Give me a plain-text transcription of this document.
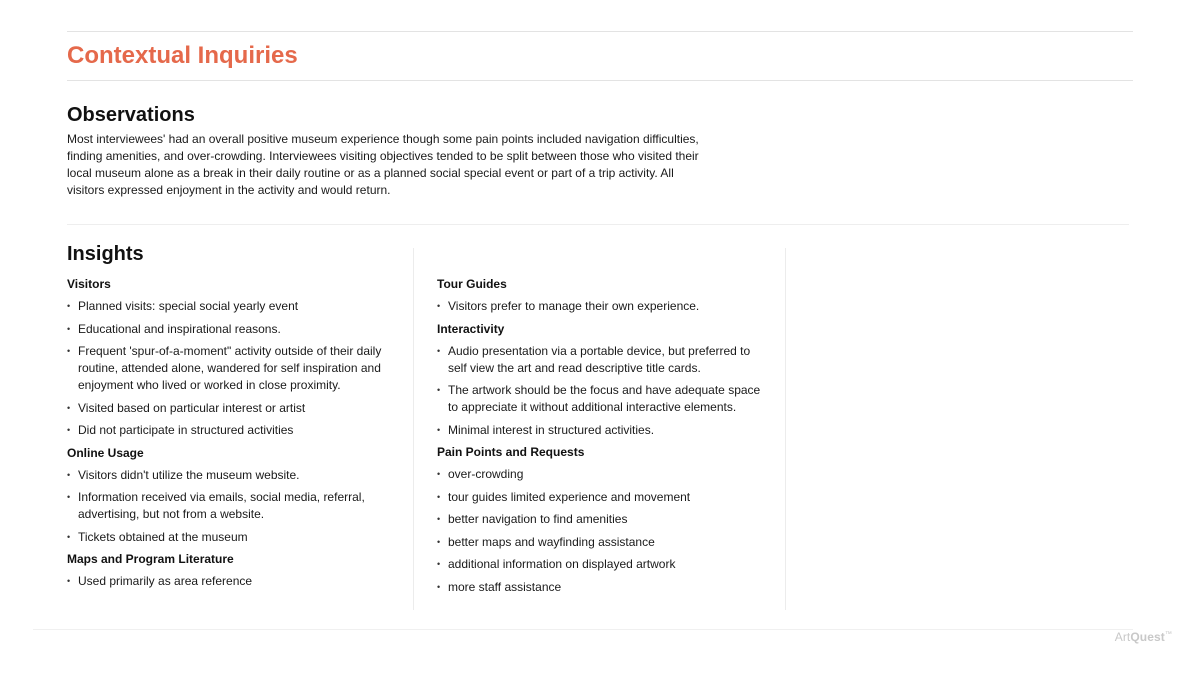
Contextual Inquiries
Observations

Most interviewees' had an overall positive museum experience though some pain points included navigation difficulties, finding amenities, and over-crowding. Interviewees visiting objectives tended to be split between those who visited their local museum alone as a break in their daily routine or as a planned social special event or part of a trip activity. All visitors expressed enjoyment in the activity and would return.

Insights
Visitors
• Planned visits: special social yearly event
• Educational and inspirational reasons.
• Frequent 'spur-of-a-moment" activity outside of their daily routine, attended alone, wandered for self inspiration and enjoyment who lived or worked in close proximity.
• Visited based on particular interest or artist
• Did not participate in structured activities
Online Usage
• Visitors didn't utilize the museum website.
• Information received via emails, social media, referral, advertising, but not from a website.
• Tickets obtained at the museum
Maps and Program Literature
• Used primarily as area reference
Tour Guides
• Visitors prefer to manage their own experience.
Interactivity
• Audio presentation via a portable device, but preferred to self view the art and read descriptive title cards.
• The artwork should be the focus and have adequate space to appreciate it without additional interactive elements.
• Minimal interest in structured activities.
Pain Points and Requests
• over-crowding
• tour guides limited experience and movement
• better navigation to find amenities
• better maps and wayfinding assistance
• additional information on displayed artwork
• more staff assistance
ArtQuest™
